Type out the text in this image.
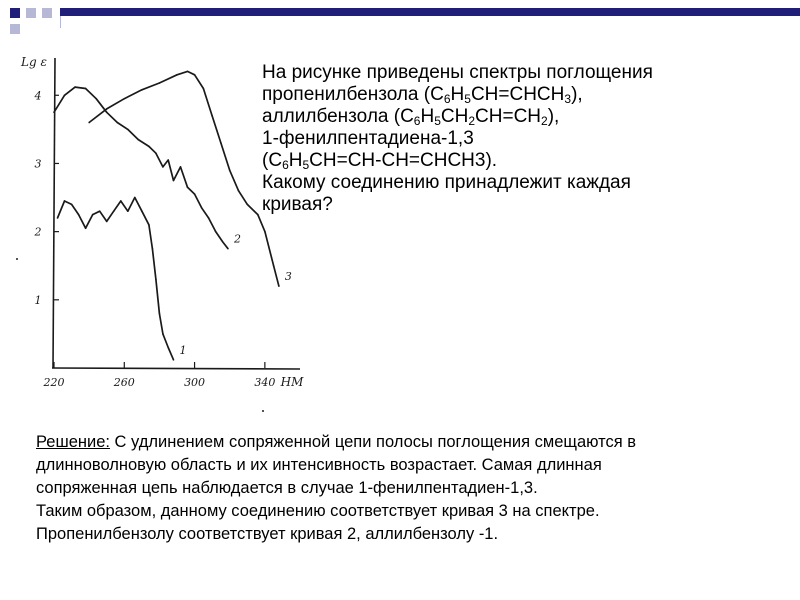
220	260	300	340
1
2
3
4
Lg ε
НМ
1
2
3
На рисунке приведены спектры поглощения
пропенилбензола $(С_6Н_5СН=СНСН_3)$,
аллилбензола $(С_6Н_5СН_2СН=СН_2)$,
1-фенилпентадиена-1,3
$(С_6Н_5СН=СН-СН=СНСН3)$.
Какому соединению принадлежит каждая
кривая?
Решение: С удлинением сопряженной цепи полосы поглощения смещаются в
длинноволновую область и их интенсивность возрастает. Самая длинная
сопряженная цепь наблюдается в случае 1-фенилпентадиен-1,3.
Таким образом, данному соединению соответствует кривая 3 на спектре.
Пропенилбензолу соответствует кривая 2, аллилбензолу -1.
